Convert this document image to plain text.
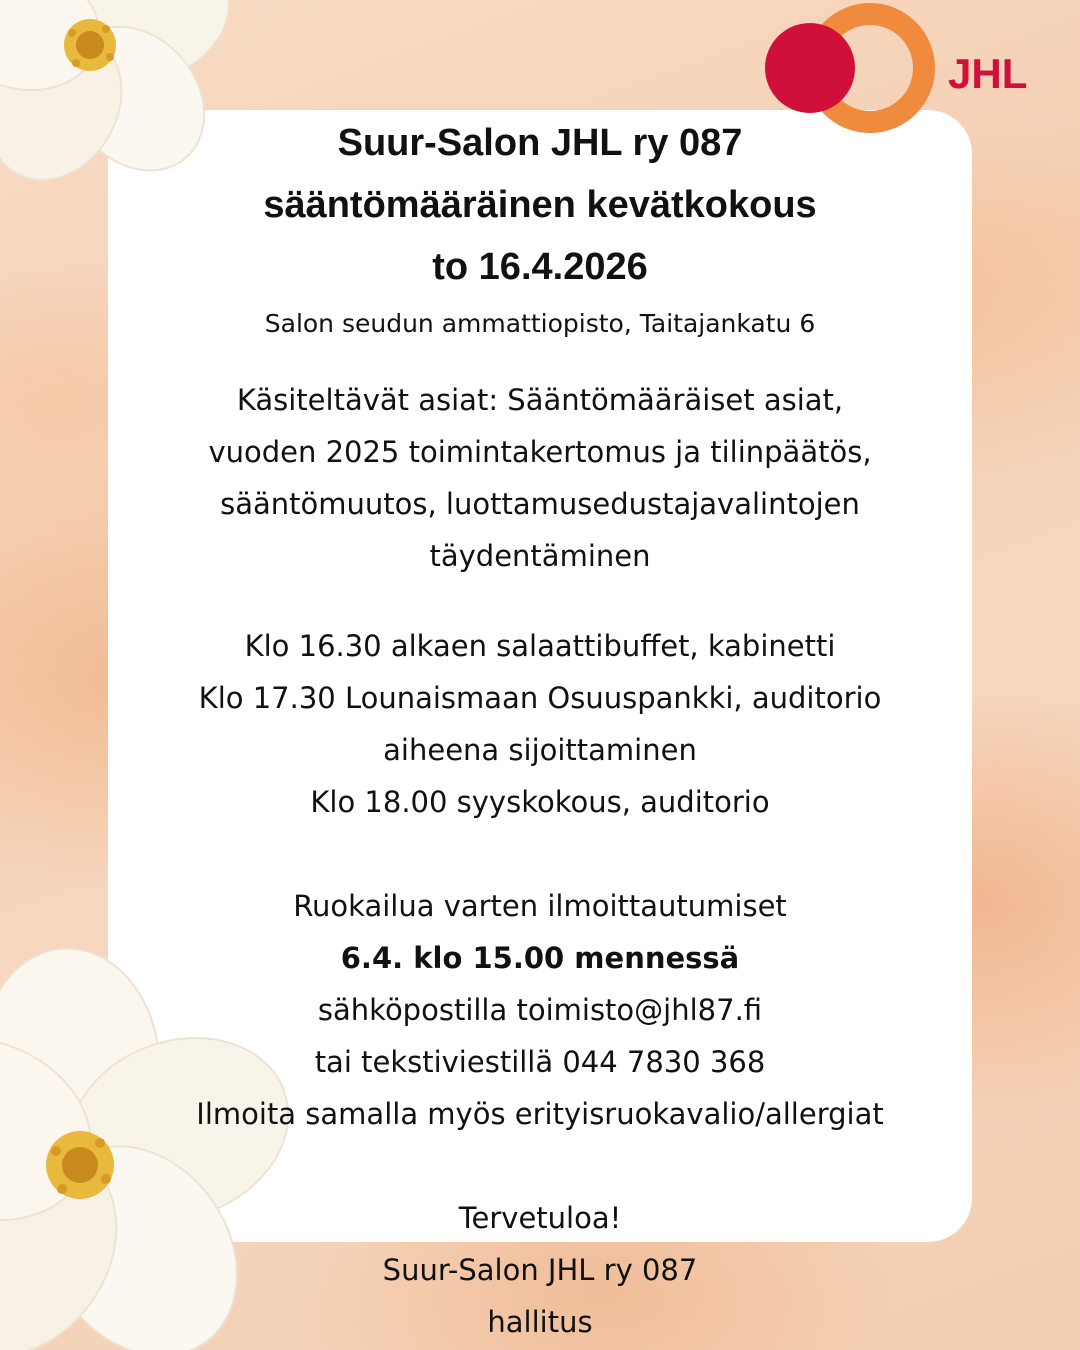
JHL
Suur-Salon JHL ry 087
sääntömääräinen kevätkokous
to 16.4.2026
Salon seudun ammattiopisto, Taitajankatu 6
Käsiteltävät asiat: Sääntömääräiset asiat,
vuoden 2025 toimintakertomus ja tilinpäätös,
sääntömuutos, luottamusedustajavalintojen
täydentäminen
Klo 16.30 alkaen salaattibuffet, kabinetti
Klo 17.30 Lounaismaan Osuuspankki, auditorio
aiheena sijoittaminen
Klo 18.00 syyskokous, auditorio
Ruokailua varten ilmoittautumiset
6.4. klo 15.00 mennessä
sähköpostilla toimisto@jhl87.fi
tai tekstiviestillä 044 7830 368
Ilmoita samalla myös erityisruokavalio/allergiat
Tervetuloa!
Suur-Salon JHL ry 087
hallitus
